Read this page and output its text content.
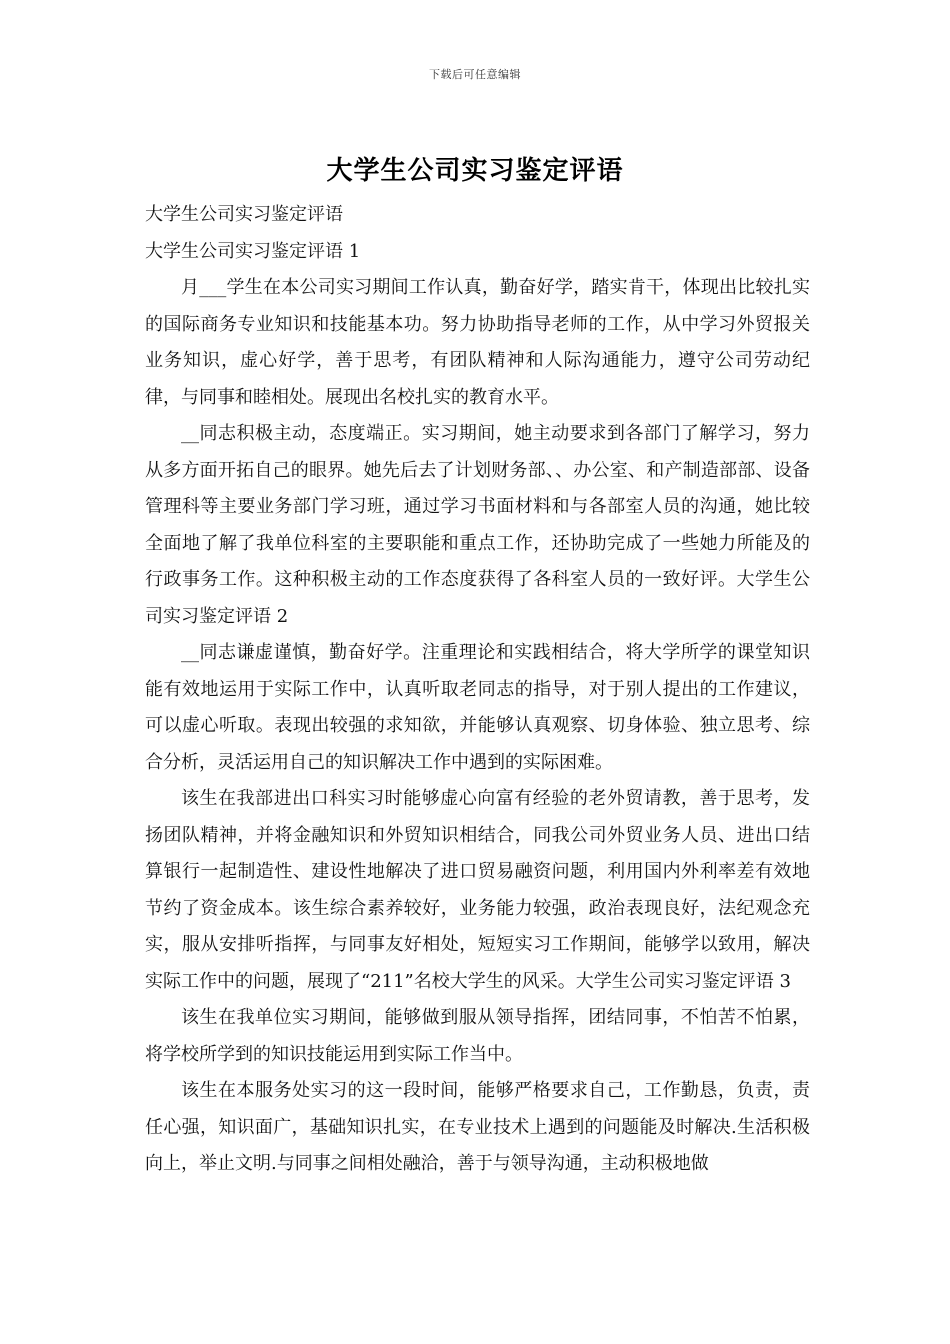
下载后可任意编辑
大学生公司实习鉴定评语

大学生公司实习鉴定评语

大学生公司实习鉴定评语 1

月___学生在本公司实习期间工作认真，勤奋好学，踏实肯干，体现出比较扎实的国际商务专业知识和技能基本功。努力协助指导老师的工作，从中学习外贸报关业务知识，虚心好学，善于思考，有团队精神和人际沟通能力，遵守公司劳动纪律，与同事和睦相处。展现出名校扎实的教育水平。

__同志积极主动，态度端正。实习期间，她主动要求到各部门了解学习，努力从多方面开拓自己的眼界。她先后去了计划财务部、、办公室、和产制造部部、设备管理科等主要业务部门学习班，通过学习书面材料和与各部室人员的沟通，她比较全面地了解了我单位科室的主要职能和重点工作，还协助完成了一些她力所能及的行政事务工作。这种积极主动的工作态度获得了各科室人员的一致好评。大学生公司实习鉴定评语 2

__同志谦虚谨慎，勤奋好学。注重理论和实践相结合，将大学所学的课堂知识能有效地运用于实际工作中，认真听取老同志的指导，对于别人提出的工作建议，可以虚心听取。表现出较强的求知欲，并能够认真观察、切身体验、独立思考、综合分析，灵活运用自己的知识解决工作中遇到的实际困难。

该生在我部进出口科实习时能够虚心向富有经验的老外贸请教，善于思考，发扬团队精神，并将金融知识和外贸知识相结合，同我公司外贸业务人员、进出口结算银行一起制造性、建设性地解决了进口贸易融资问题，利用国内外利率差有效地节约了资金成本。该生综合素养较好，业务能力较强，政治表现良好，法纪观念充实，服从安排听指挥，与同事友好相处，短短实习工作期间，能够学以致用，解决实际工作中的问题，展现了“211”名校大学生的风采。大学生公司实习鉴定评语 3

该生在我单位实习期间，能够做到服从领导指挥，团结同事，不怕苦不怕累，将学校所学到的知识技能运用到实际工作当中。

该生在本服务处实习的这一段时间，能够严格要求自己，工作勤恳，负责，责任心强，知识面广，基础知识扎实，在专业技术上遇到的问题能及时解决.生活积极向上，举止文明.与同事之间相处融洽，善于与领导沟通，主动积极地做
